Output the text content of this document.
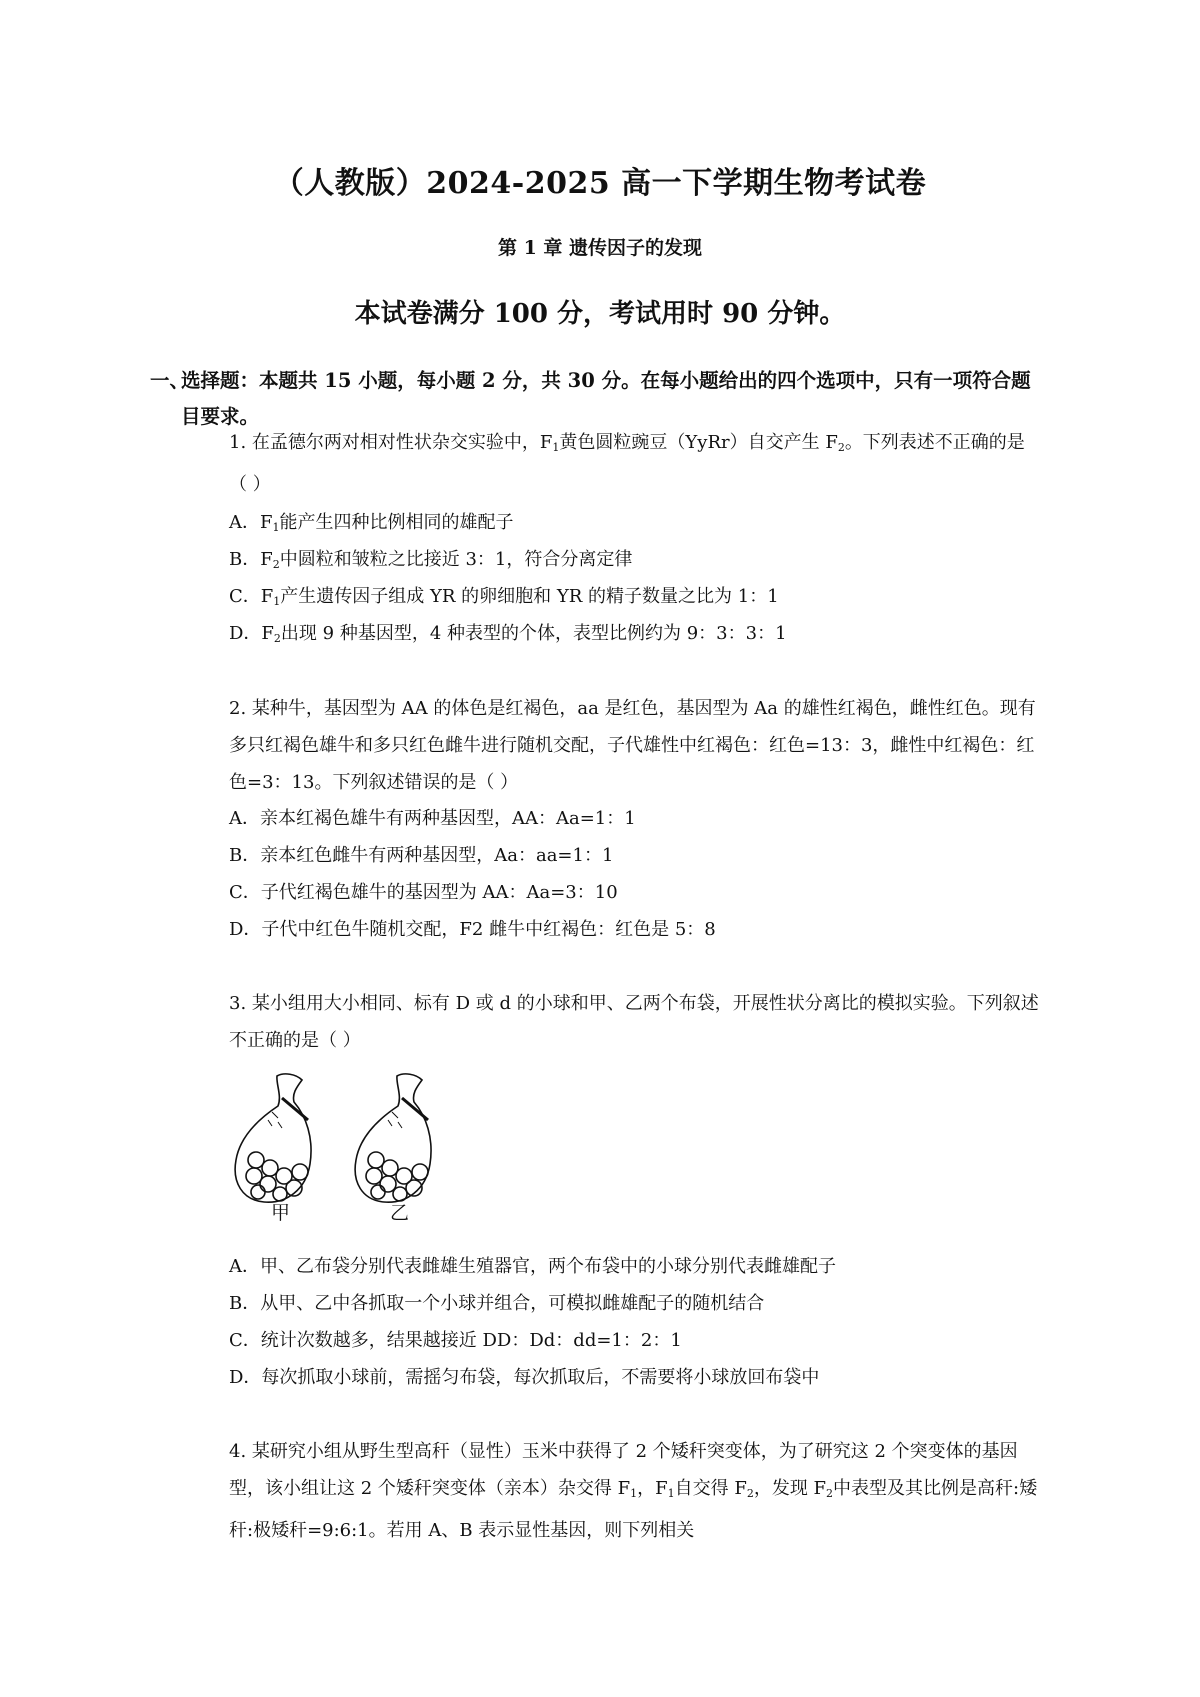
（人教版）2024-2025 高一下学期生物考试卷
第 1 章 遗传因子的发现
本试卷满分 100 分，考试用时 90 分钟。
一、
选择题：本题共 15 小题，每小题 2 分，共 30 分。在每小题给出的四个选项中，只有一项符合题目要求。

1. 在孟德尔两对相对性状杂交实验中，$F_1$黄色圆粒豌豆（YyRr）自交产生 $F_2$。下列表述不正确的是（ ）

A．$F_1$能产生四种比例相同的雄配子
B．$F_2$中圆粒和皱粒之比接近 3：1，符合分离定律
C．$F_1$产生遗传因子组成 YR 的卵细胞和 YR 的精子数量之比为 1：1
D．$F_2$出现 9 种基因型，4 种表型的个体，表型比例约为 9：3：3：1

2. 某种牛，基因型为 AA 的体色是红褐色，aa 是红色，基因型为 Aa 的雄性红褐色，雌性红色。现有多只红褐色雄牛和多只红色雌牛进行随机交配，子代雄性中红褐色：红色=13：3，雌性中红褐色：红色=3：13。下列叙述错误的是（ ）

A．亲本红褐色雄牛有两种基因型，AA：Aa=1：1
B．亲本红色雌牛有两种基因型，Aa：aa=1：1
C．子代红褐色雄牛的基因型为 AA：Aa=3：10
D．子代中红色牛随机交配，F2 雌牛中红褐色：红色是 5：8

3. 某小组用大小相同、标有 D 或 d 的小球和甲、乙两个布袋，开展性状分离比的模拟实验。下列叙述不正确的是（ ）

甲	乙
A．甲、乙布袋分别代表雌雄生殖器官，两个布袋中的小球分别代表雌雄配子
B．从甲、乙中各抓取一个小球并组合，可模拟雌雄配子的随机结合
C．统计次数越多，结果越接近 DD：Dd：dd=1：2：1
D．每次抓取小球前，需摇匀布袋，每次抓取后，不需要将小球放回布袋中

4. 某研究小组从野生型高秆（显性）玉米中获得了 2 个矮秆突变体，为了研究这 2 个突变体的基因型，该小组让这 2 个矮秆突变体（亲本）杂交得 $F_1$，$F_1$自交得 $F_2$，发现 $F_2$中表型及其比例是高秆:矮秆:极矮秆=9:6:1。若用 A、B 表示显性基因，则下列相关
